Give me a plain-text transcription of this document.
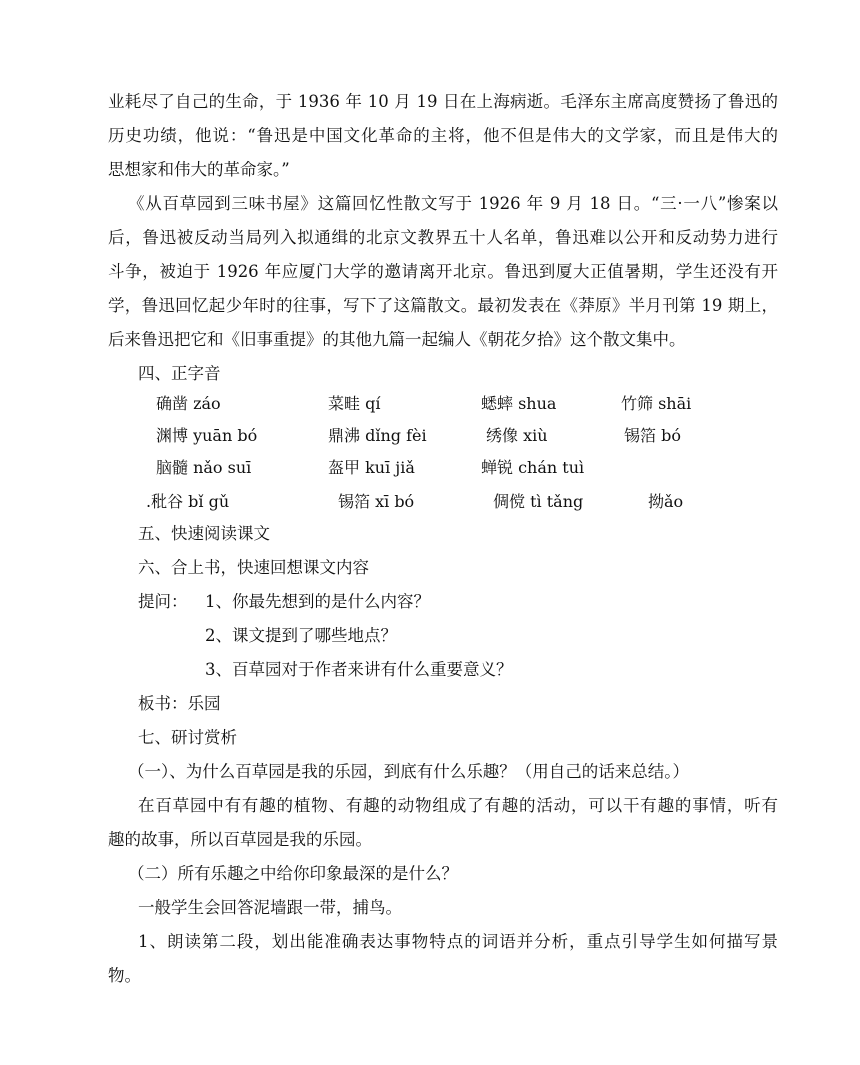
业耗尽了自己的生命，于 1936 年 10 月 19 日在上海病逝。毛泽东主席高度赞扬了鲁迅的
历史功绩，他说：“鲁迅是中国文化革命的主将，他不但是伟大的文学家，而且是伟大的
思想家和伟大的革命家。”
《从百草园到三味书屋》这篇回忆性散文写于 1926 年 9 月 18 日。“三·一八”惨案以
后，鲁迅被反动当局列入拟通缉的北京文教界五十人名单，鲁迅难以公开和反动势力进行
斗争，被迫于 1926 年应厦门大学的邀请离开北京。鲁迅到厦大正值暑期，学生还没有开
学，鲁迅回忆起少年时的往事，写下了这篇散文。最初发表在《莽原》半月刊第 19 期上，
后来鲁迅把它和《旧事重提》的其他九篇一起编人《朝花夕拾》这个散文集中。
四、正字音
确凿 záo	菜畦 qí	蟋蟀 shua	竹筛 shāi
渊博 yuān bó	鼎沸 dǐng fèi	绣像 xiù	锡箔 bó
脑髓 nǎo suī	盔甲 kuī jiǎ	蝉锐 chán tuì
.秕谷 bǐ gǔ	锡箔 xī bó	倜傥 tì tǎng	拗ǎo
五、快速阅读课文
六、合上书，快速回想课文内容
提问： 1、你最先想到的是什么内容？
2、课文提到了哪些地点？
3、百草园对于作者来讲有什么重要意义？
板书：乐园
七、研讨赏析
（一）、为什么百草园是我的乐园，到底有什么乐趣？（用自己的话来总结。）
在百草园中有有趣的植物、有趣的动物组成了有趣的活动，可以干有趣的事情，听有
趣的故事，所以百草园是我的乐园。
（二）所有乐趣之中给你印象最深的是什么？
一般学生会回答泥墙跟一带，捕鸟。
1、朗读第二段，划出能准确表达事物特点的词语并分析，重点引导学生如何描写景
物。
